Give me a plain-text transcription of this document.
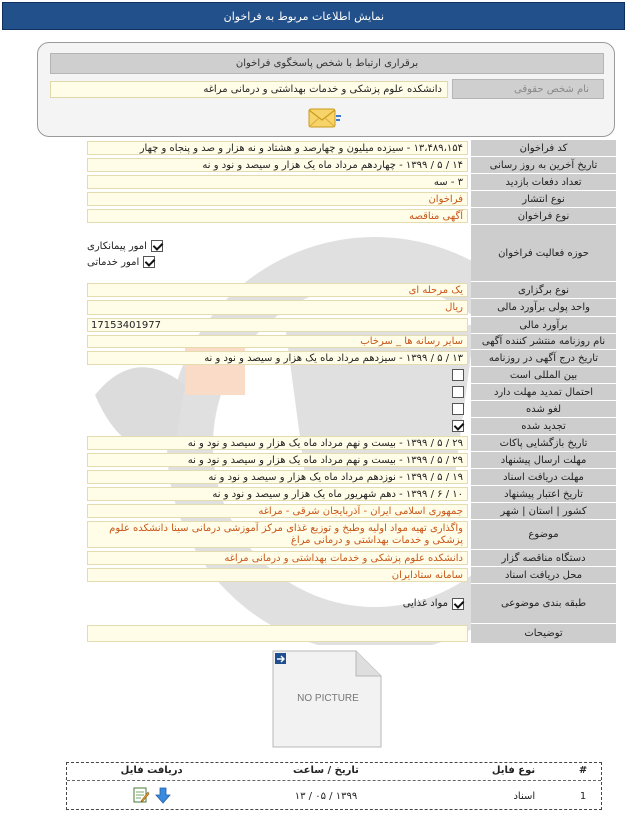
نمایش اطلاعات مربوط به فراخوان
برقراری ارتباط با شخص پاسخگوی فراخوان
نام شخص حقوقی
دانشکده علوم پزشکی و خدمات بهداشتی و درمانی مراغه
کد فراخوان
۱۳،۴۸۹،۱۵۴ - سیزده میلیون و چهارصد و هشتاد و نه هزار و صد و پنجاه و چهار
تاریخ آخرین به روز رسانی
۱۴ / ۵ / ۱۳۹۹ - چهاردهم مرداد ماه یک هزار و سیصد و نود و نه
تعداد دفعات بازدید
۳ - سه
نوع انتشار
فراخوان
نوع فراخوان
آگهی مناقصه
حوزه فعالیت فراخوان
امور پیمانکاری
امور خدماتی
نوع برگزاری
یک مرحله ای
واحد پولی برآورد مالی
ریال
برآورد مالی
17153401977
نام روزنامه منتشر کننده آگهی
سایر رسانه ها _ سرخاب
تاریخ درج آگهی در روزنامه
۱۳ / ۵ / ۱۳۹۹ - سیزدهم مرداد ماه یک هزار و سیصد و نود و نه
بین المللی است
احتمال تمدید مهلت دارد
لغو شده
تجدید شده
تاریخ بازگشایی پاکات
۲۹ / ۵ / ۱۳۹۹ - بیست و نهم مرداد ماه یک هزار و سیصد و نود و نه
مهلت ارسال پیشنهاد
۲۹ / ۵ / ۱۳۹۹ - بیست و نهم مرداد ماه یک هزار و سیصد و نود و نه
مهلت دریافت اسناد
۱۹ / ۵ / ۱۳۹۹ - نوزدهم مرداد ماه یک هزار و سیصد و نود و نه
تاریخ اعتبار پیشنهاد
۱۰ / ۶ / ۱۳۹۹ - دهم شهریور ماه یک هزار و سیصد و نود و نه
کشور | استان | شهر
جمهوری اسلامی ایران - آذربایجان شرقی - مراغه
موضوع
واگذاری تهیه مواد اولیه وطبخ و توزیع غذای مرکز آموزشی درمانی سینا دانشکده علوم پزشکی و خدمات بهداشتی و درمانی مراغ
دستگاه مناقصه گزار
دانشکده علوم پزشکی و خدمات بهداشتی و درمانی مراغه
محل دریافت اسناد
سامانه ستادایران
طبقه بندی موضوعی
مواد غذایی
توضیحات
NO PICTURE
#
نوع فایل
تاریخ / ساعت
دریافت فایل
1
اسناد
۱۳۹۹ / ۰۵ / ۱۳
